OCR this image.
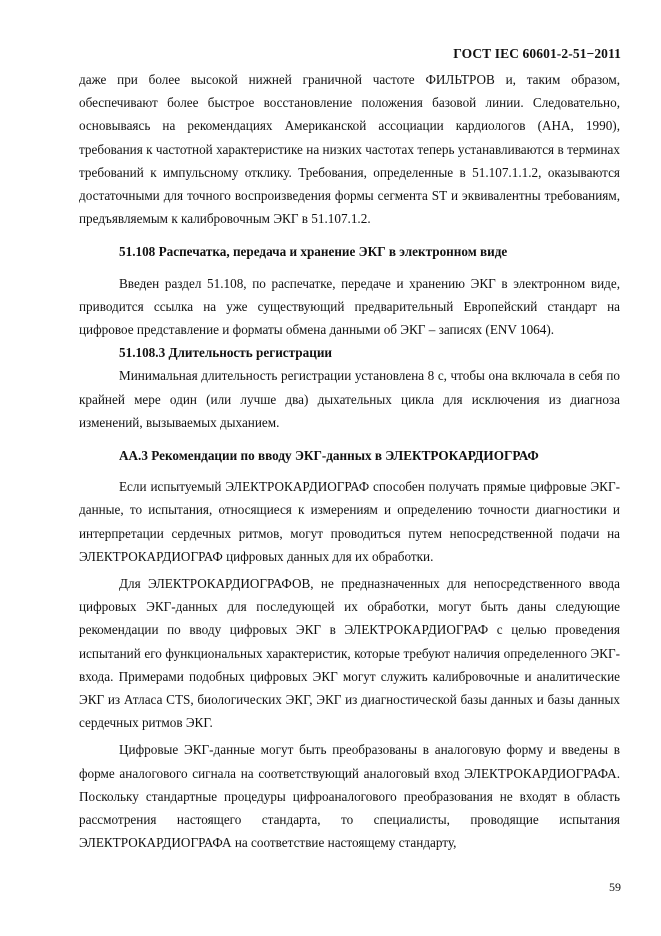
ГОСТ IEC 60601-2-51−2011

даже при более высокой нижней граничной частоте ФИЛЬТРОВ и, таким образом, обеспечивают более быстрое восстановление положения базовой линии. Следовательно, основываясь на рекомендациях Американской ассоциации кардиологов (АНА, 1990), требования к частотной характеристике на низких частотах теперь устанавливаются в терминах требований к импульсному отклику. Требования, определенные в 51.107.1.1.2, оказываются достаточными для точного воспроизведения формы сегмента ST и эквивалентны требованиям, предъявляемым к калибровочным ЭКГ в 51.107.1.2.

51.108 Распечатка, передача и хранение ЭКГ в электронном виде

Введен раздел 51.108, по распечатке, передаче и хранению ЭКГ в электронном виде, приводится ссылка на уже существующий предварительный Европейский стандарт на цифровое представление и форматы обмена данными об ЭКГ – записях (ENV 1064).

51.108.3 Длительность регистрации

Минимальная длительность регистрации установлена 8 с, чтобы она включала в себя по крайней мере один (или лучше два) дыхательных цикла для исключения из диагноза изменений, вызываемых дыханием.

АА.3 Рекомендации по вводу ЭКГ-данных в ЭЛЕКТРОКАРДИОГРАФ

Если испытуемый ЭЛЕКТРОКАРДИОГРАФ способен получать прямые цифровые ЭКГ-данные, то испытания, относящиеся к измерениям и определению точности диагностики и интерпретации сердечных ритмов, могут проводиться путем непосредственной подачи на ЭЛЕКТРОКАРДИОГРАФ цифровых данных для их обработки.

Для ЭЛЕКТРОКАРДИОГРАФОВ, не предназначенных для непосредственного ввода цифровых ЭКГ-данных для последующей их обработки, могут быть даны следующие рекомендации по вводу цифровых ЭКГ в ЭЛЕКТРОКАРДИОГРАФ с целью проведения испытаний его функциональных характеристик, которые требуют наличия определенного ЭКГ-входа. Примерами подобных цифровых ЭКГ могут служить калибровочные и аналитические ЭКГ из Атласа CTS, биологических ЭКГ, ЭКГ из диагностической базы данных и базы данных сердечных ритмов ЭКГ.

Цифровые ЭКГ-данные могут быть преобразованы в аналоговую форму и введены в форме аналогового сигнала на соответствующий аналоговый вход ЭЛЕКТРОКАРДИОГРАФА. Поскольку стандартные процедуры цифроаналогового преобразования не входят в область рассмотрения настоящего стандарта, то специалисты, проводящие испытания ЭЛЕКТРОКАРДИОГРАФА на соответствие настоящему стандарту,

59
